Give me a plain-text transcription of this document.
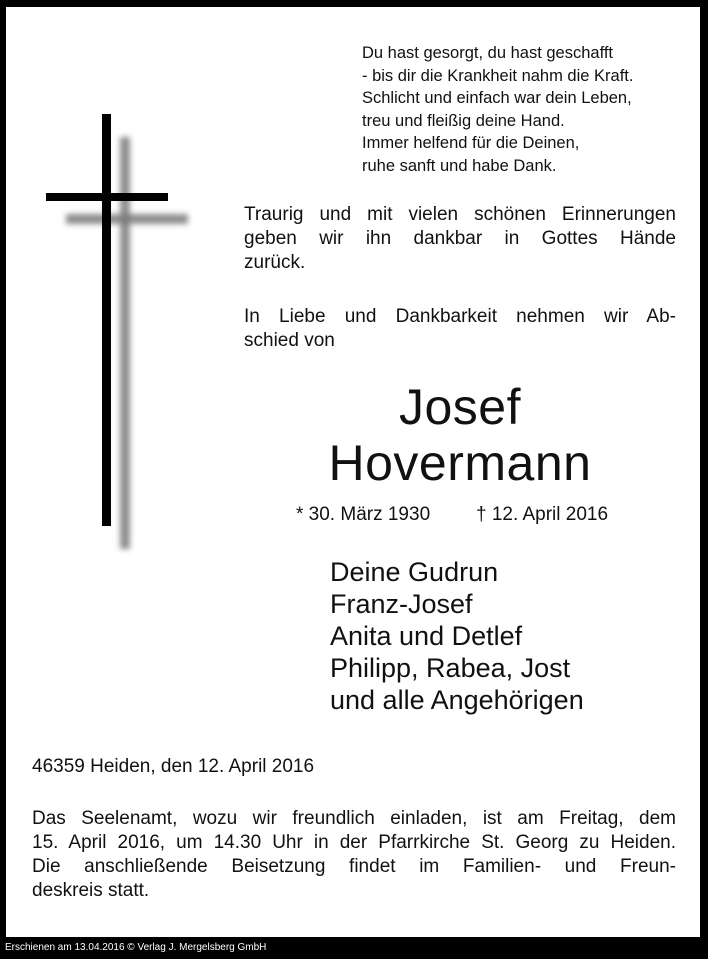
Du hast gesorgt, du hast geschafft
- bis dir die Krankheit nahm die Kraft.
Schlicht und einfach war dein Leben,
treu und fleißig deine Hand.
Immer helfend für die Deinen,
ruhe sanft und habe Dank.
Traurig und mit vielen schönen Erinnerungen
geben wir ihn dankbar in Gottes Hände
zurück.
In Liebe und Dankbarkeit nehmen wir Ab-
schied von
Josef
Hovermann
* 30. März 1930 † 12. April 2016
Deine Gudrun
Franz-Josef
Anita und Detlef
Philipp, Rabea, Jost
und alle Angehörigen
46359 Heiden, den 12. April 2016
Das Seelenamt, wozu wir freundlich einladen, ist am Freitag, dem
15. April 2016, um 14.30 Uhr in der Pfarrkirche St. Georg zu Heiden.
Die anschließende Beisetzung findet im Familien- und Freun-
deskreis statt.
Erschienen am 13.04.2016 © Verlag J. Mergelsberg GmbH
